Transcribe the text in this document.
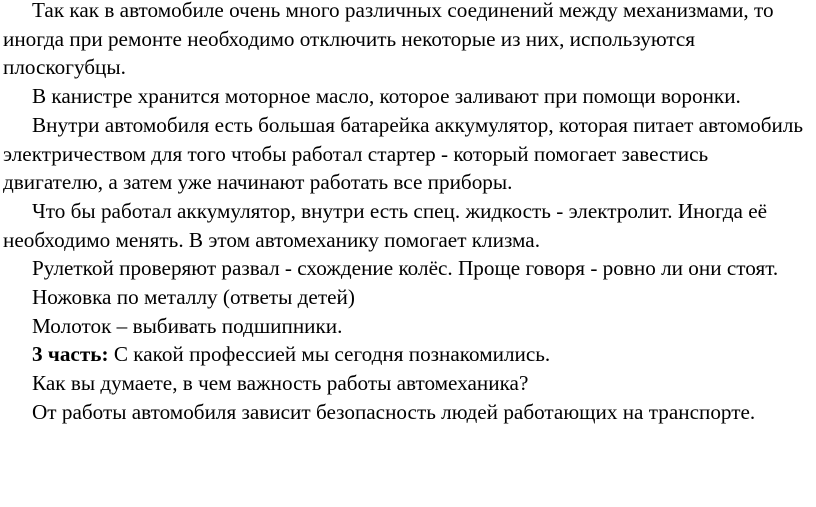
Так как в автомобиле очень много различных соединений между механизмами, то иногда при ремонте необходимо отключить некоторые из них, используются плоскогубцы.

В канистре хранится моторное масло, которое заливают при помощи воронки.

Внутри автомобиля есть большая батарейка аккумулятор, которая питает автомобиль электричеством для того чтобы работал стартер - который помогает завестись двигателю, а затем уже начинают работать все приборы.

Что бы работал аккумулятор, внутри есть спец. жидкость - электролит. Иногда её необходимо менять. В этом автомеханику помогает клизма.

Рулеткой проверяют развал - схождение колёс. Проще говоря - ровно ли они стоят.

Ножовка по металлу (ответы детей)

Молоток – выбивать подшипники.

3 часть: С какой профессией мы сегодня познакомились.

Как вы думаете, в чем важность работы автомеханика?

От работы автомобиля зависит безопасность людей работающих на транспорте.
